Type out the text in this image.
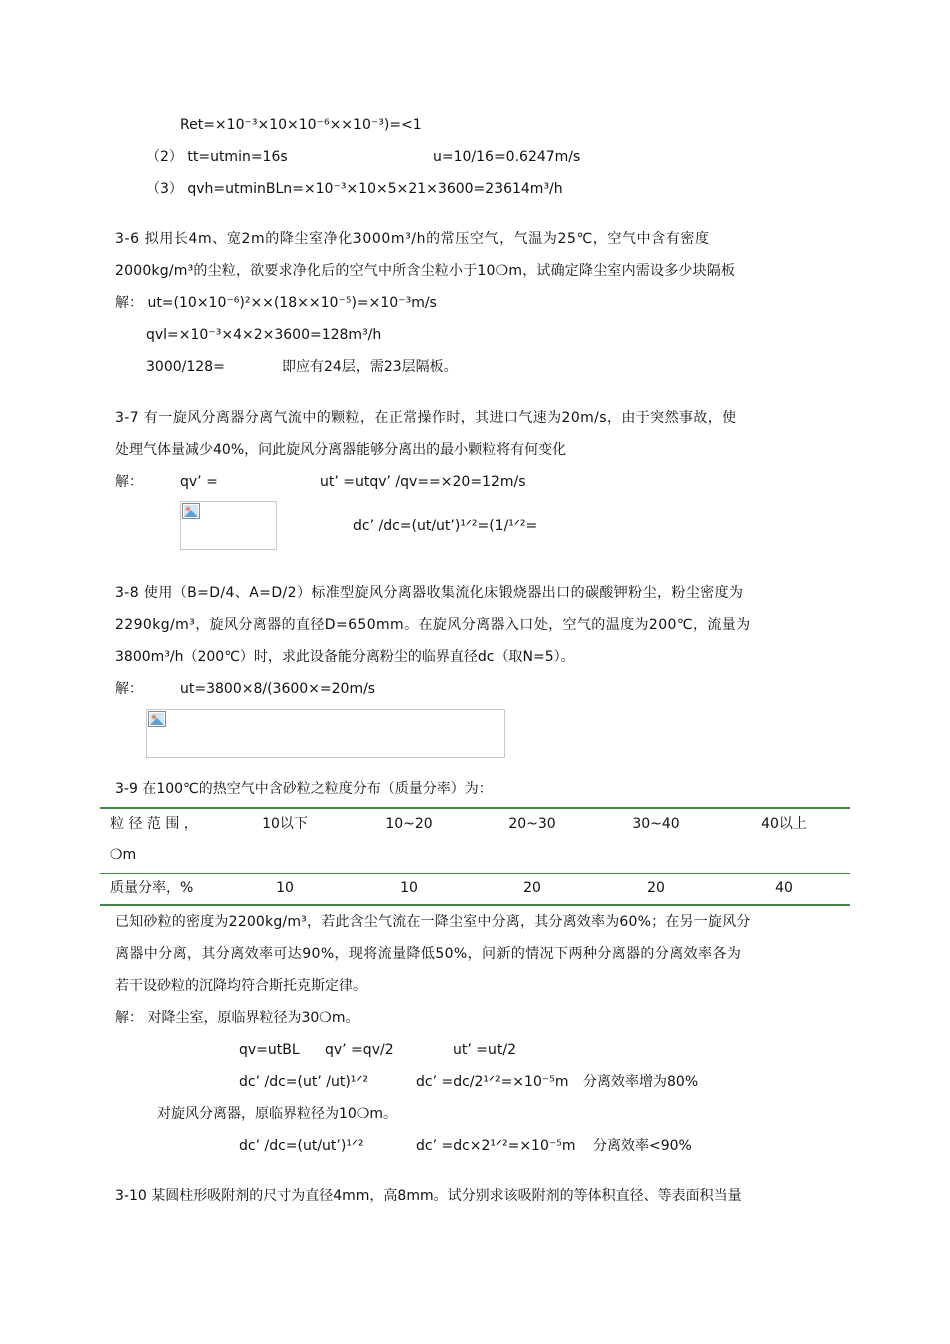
Ret=×10⁻³×10×10⁻⁶××10⁻³)=<1
（2） tt=utmin=16s	u=10/16=0.6247m/s
（3） qvh=utminBLn=×10⁻³×10×5×21×3600=23614m³/h
3-6 拟用长4m、宽2m的降尘室净化3000m³/h的常压空气，气温为25℃，空气中含有密度
2000kg/m³的尘粒，欲要求净化后的空气中所含尘粒小于10❍m，试确定降尘室内需设多少块隔板
解： ut=(10×10⁻⁶)²××(18××10⁻⁵)=×10⁻³m/s
qvl=×10⁻³×4×2×3600=128m³/h
3000/128=	即应有24层，需23层隔板。
3-7 有一旋风分离器分离气流中的颗粒，在正常操作时，其进口气速为20m/s，由于突然事故，使
处理气体量减少40%，问此旋风分离器能够分离出的最小颗粒将有何变化
解：	qv’ =	ut’ =utqv’ /qv==×20=12m/s
dc’ /dc=(ut/ut’)¹ᐟ²=(1/¹ᐟ²=
3-8 使用（B=D/4、A=D/2）标准型旋风分离器收集流化床锻烧器出口的碳酸钾粉尘，粉尘密度为
2290kg/m³，旋风分离器的直径D=650mm。在旋风分离器入口处，空气的温度为200℃，流量为
3800m³/h（200℃）时，求此设备能分离粉尘的临界直径dc（取N=5）。
解：	ut=3800×8/(3600×=20m/s
3-9 在100℃的热空气中含砂粒之粒度分布（质量分率）为：
粒 径 范 围 ，	10以下	10~20	20~30	30~40	40以上
❍m
质量分率，%	10	10	20	20	40
已知砂粒的密度为2200kg/m³，若此含尘气流在一降尘室中分离，其分离效率为60%；在另一旋风分
离器中分离，其分离效率可达90%，现将流量降低50%，问新的情况下两种分离器的分离效率各为
若干设砂粒的沉降均符合斯托克斯定律。
解： 对降尘室，原临界粒径为30❍m。
qv=utBL qv’ =qv/2	ut’ =ut/2
dc’ /dc=(ut’ /ut)¹ᐟ²	dc’ =dc/2¹ᐟ²=×10⁻⁵m 分离效率增为80%
对旋风分离器，原临界粒径为10❍m。
dc’ /dc=(ut/ut’)¹ᐟ²	dc’ =dc×2¹ᐟ²=×10⁻⁵m 分离效率<90%
3-10 某圆柱形吸附剂的尺寸为直径4mm，高8mm。试分别求该吸附剂的等体积直径、等表面积当量
